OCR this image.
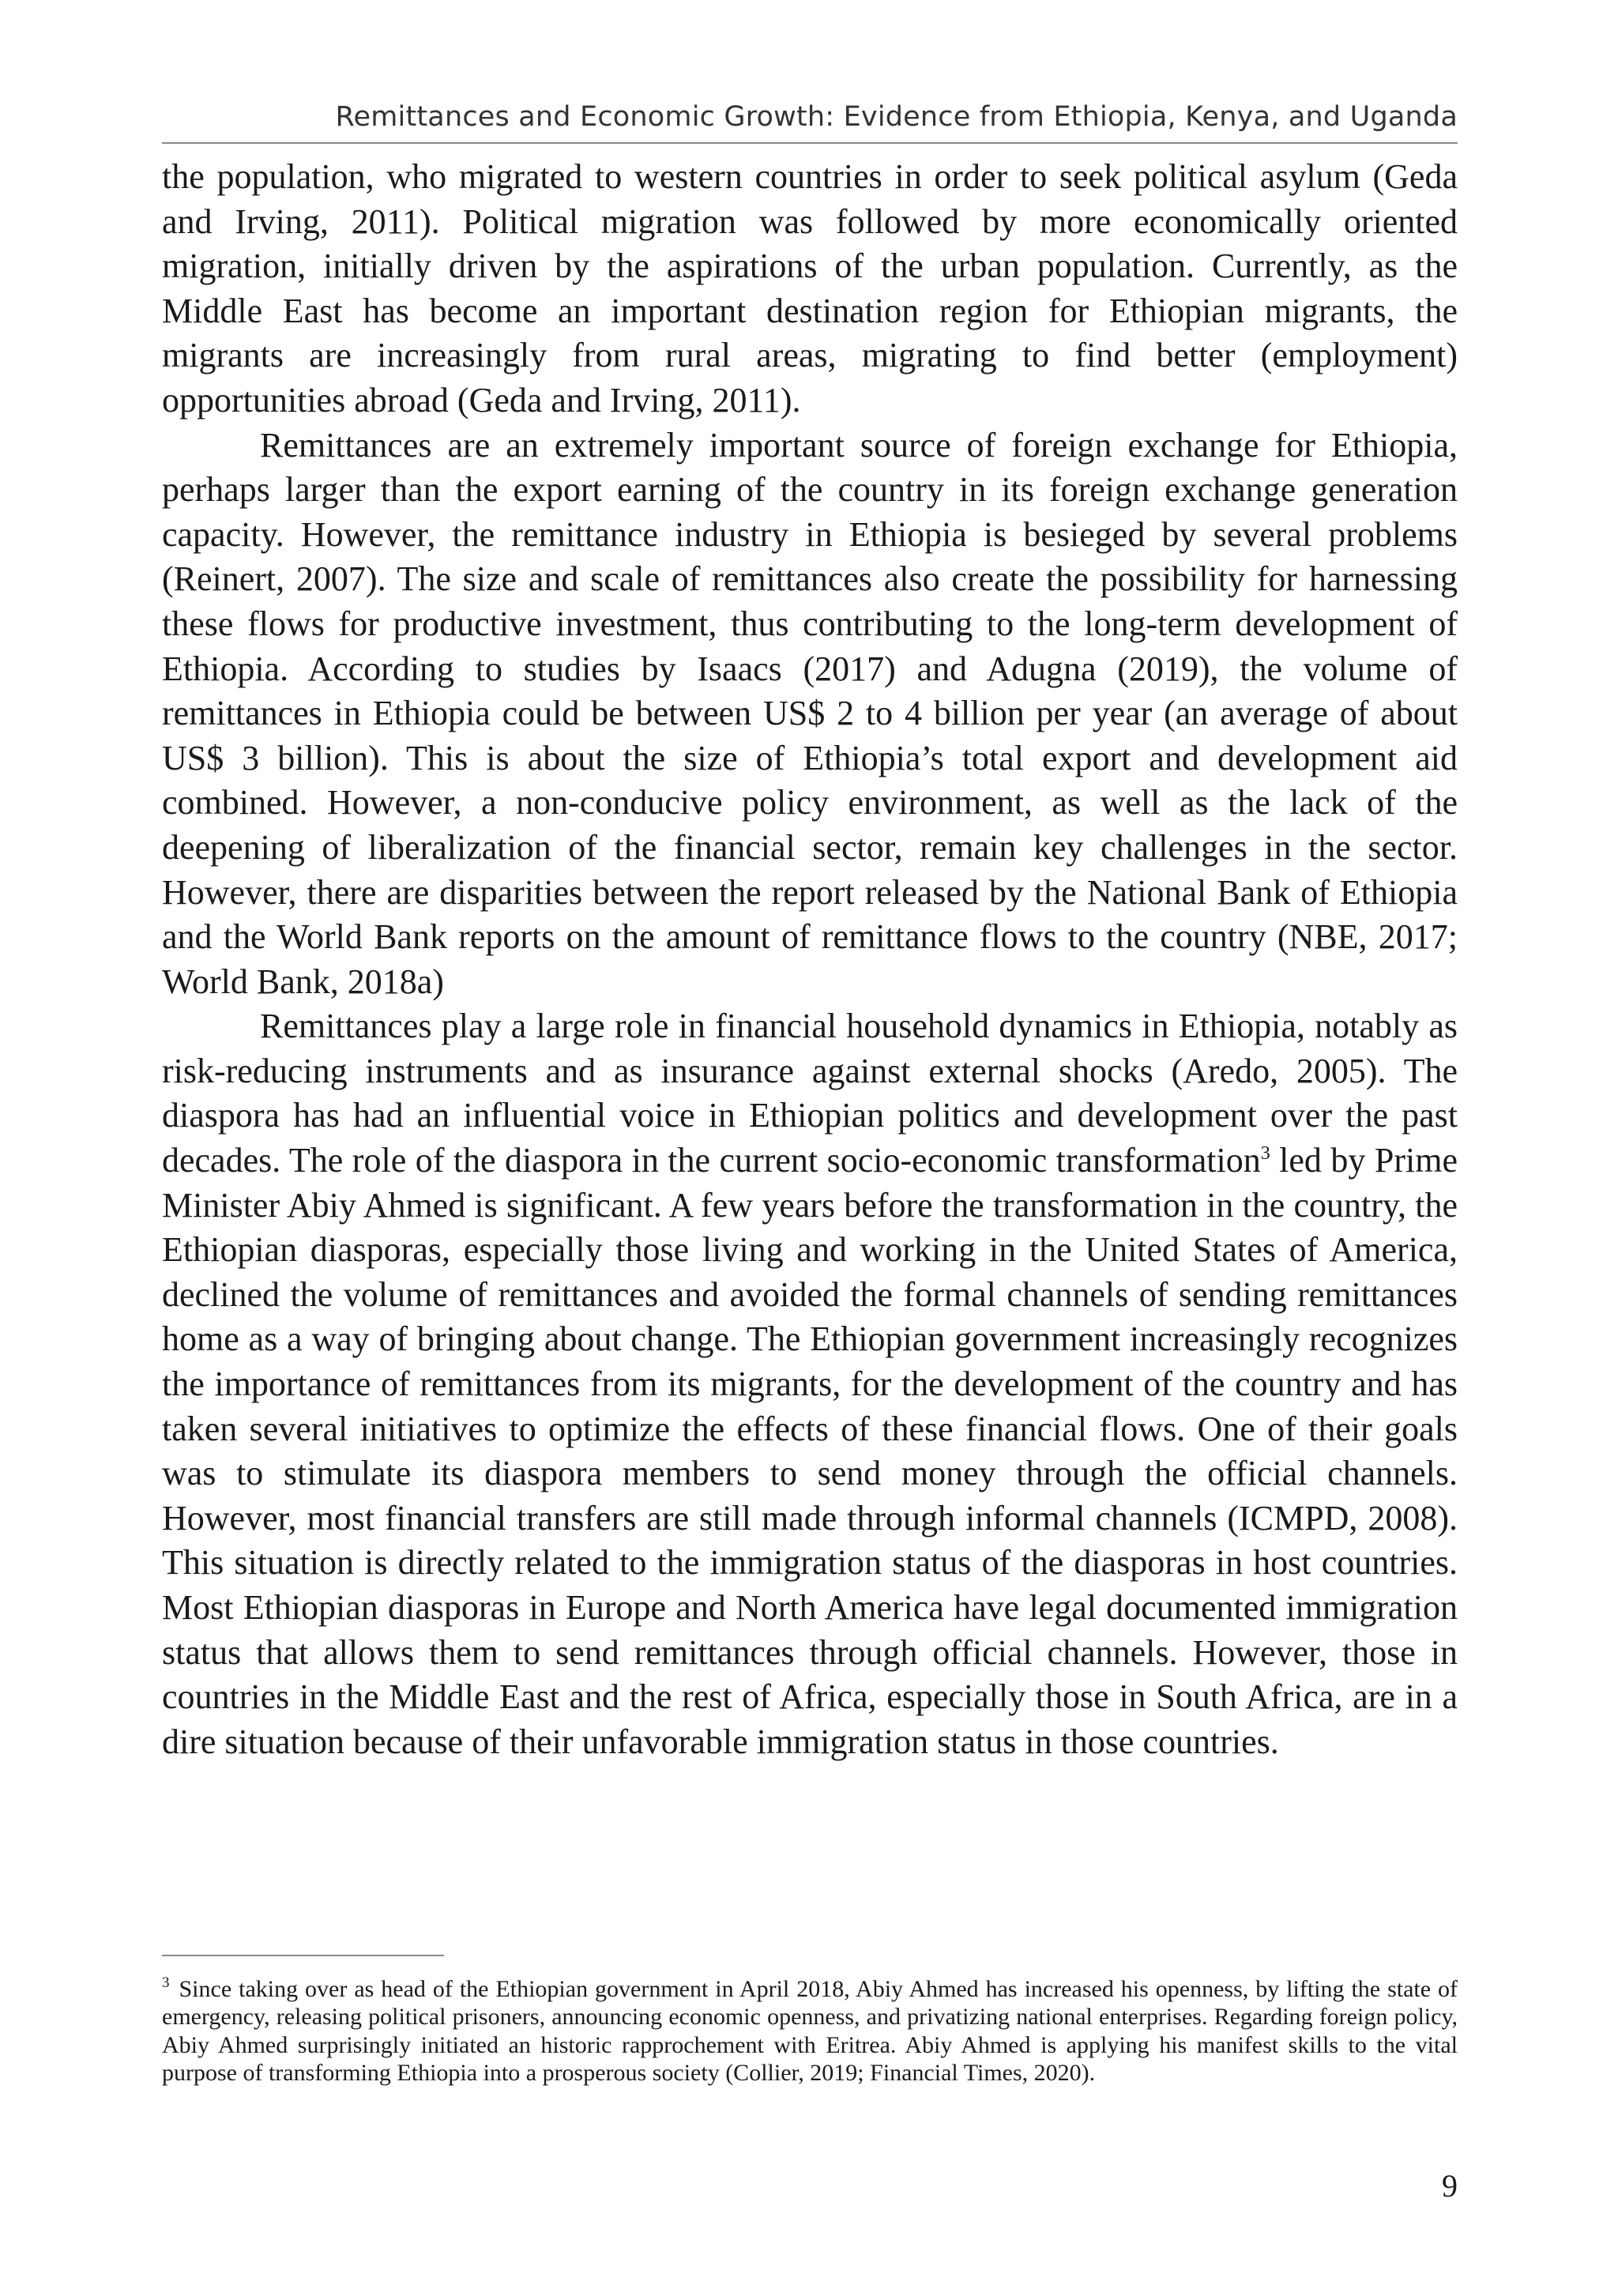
Remittances and Economic Growth: Evidence from Ethiopia, Kenya, and Uganda

the population, who migrated to western countries in order to seek political asylum (Geda and Irving, 2011). Political migration was followed by more economically oriented migration, initially driven by the aspirations of the urban population. Currently, as the Middle East has become an important destination region for Ethiopian migrants, the migrants are increasingly from rural areas, migrating to find better (employment) opportunities abroad (Geda and Irving, 2011).

Remittances are an extremely important source of foreign exchange for Ethiopia, perhaps larger than the export earning of the country in its foreign exchange generation capacity. However, the remittance industry in Ethiopia is besieged by several problems (Reinert, 2007). The size and scale of remittances also create the possibility for harnessing these flows for productive investment, thus contributing to the long-term development of Ethiopia. According to studies by Isaacs (2017) and Adugna (2019), the volume of remittances in Ethiopia could be between US$ 2 to 4 billion per year (an average of about US$ 3 billion). This is about the size of Ethiopia’s total export and development aid combined. However, a non-conducive policy environment, as well as the lack of the deepening of liberalization of the financial sector, remain key challenges in the sector. However, there are disparities between the report released by the National Bank of Ethiopia and the World Bank reports on the amount of remittance flows to the country (NBE, 2017; World Bank, 2018a)

Remittances play a large role in financial household dynamics in Ethiopia, notably as risk-reducing instruments and as insurance against external shocks (Aredo, 2005). The diaspora has had an influential voice in Ethiopian politics and development over the past decades. The role of the diaspora in the current socio-economic transformation$^3$ led by Prime Minister Abiy Ahmed is significant. A few years before the transformation in the country, the Ethiopian diasporas, especially those living and working in the United States of America, declined the volume of remittances and avoided the formal channels of sending remittances home as a way of bringing about change. The Ethiopian government increasingly recognizes the importance of remittances from its migrants, for the development of the country and has taken several initiatives to optimize the effects of these financial flows. One of their goals was to stimulate its diaspora members to send money through the official channels. However, most financial transfers are still made through informal channels (ICMPD, 2008). This situation is directly related to the immigration status of the diasporas in host countries. Most Ethiopian diasporas in Europe and North America have legal documented immigration status that allows them to send remittances through official channels. However, those in countries in the Middle East and the rest of Africa, especially those in South Africa, are in a dire situation because of their unfavorable immigration status in those countries.

$^3$ Since taking over as head of the Ethiopian government in April 2018, Abiy Ahmed has increased his openness, by lifting the state of emergency, releasing political prisoners, announcing economic openness, and privatizing national enterprises. Regarding foreign policy, Abiy Ahmed surprisingly initiated an historic rapprochement with Eritrea. Abiy Ahmed is applying his manifest skills to the vital purpose of transforming Ethiopia into a prosperous society (Collier, 2019; Financial Times, 2020).

9
